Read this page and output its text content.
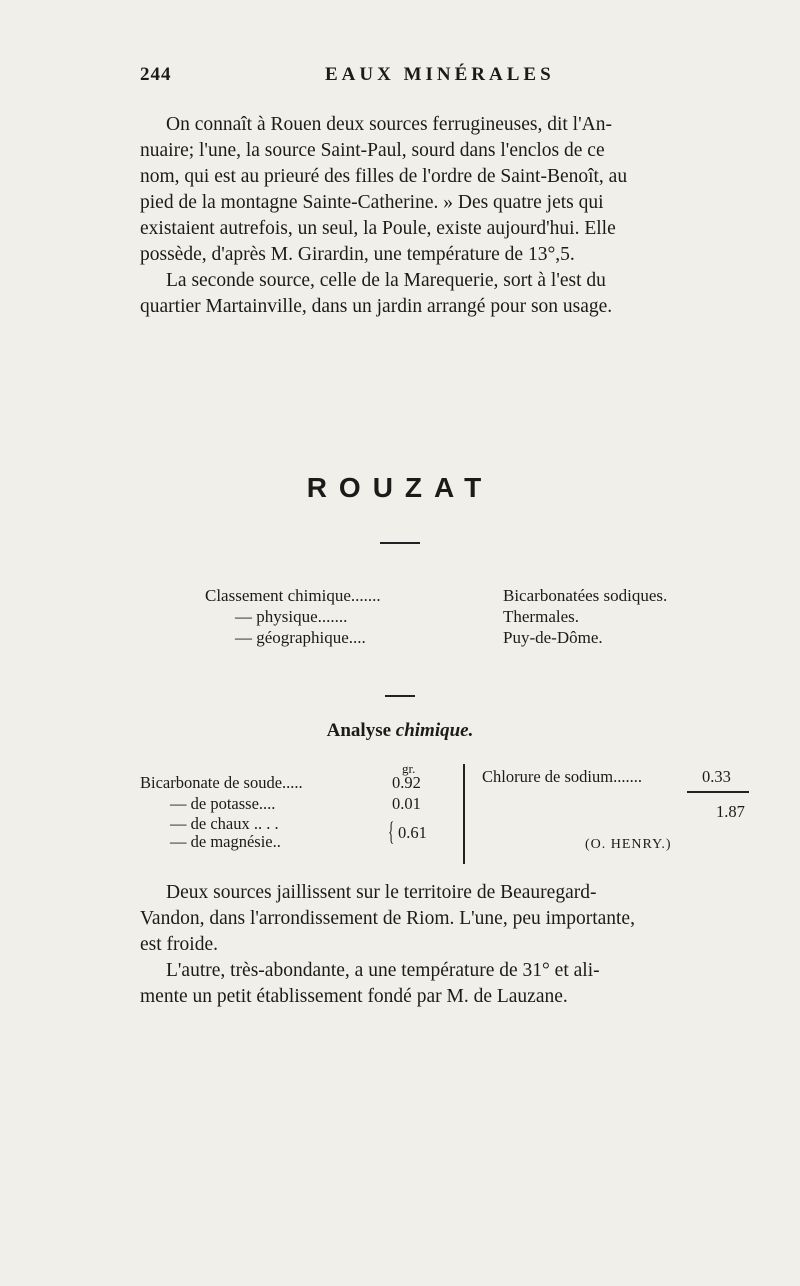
244	EAUX MINÉRALES

On connaît à Rouen deux sources ferrugineuses, dit l'An-
nuaire; l'une, la source Saint-Paul, sourd dans l'enclos de ce
nom, qui est au prieuré des filles de l'ordre de Saint-Benoît, au
pied de la montagne Sainte-Catherine. » Des quatre jets qui
existaient autrefois, un seul, la Poule, existe aujourd'hui. Elle
possède, d'après M. Girardin, une température de 13°,5.
La seconde source, celle de la Marequerie, sort à l'est du
quartier Martainville, dans un jardin arrangé pour son usage.

ROUZAT
Classement chimique.......	Bicarbonatées sodiques.
— physique.......	Thermales.
— géographique....	Puy-de-Dôme.
Analyse chimique.
gr.
Bicarbonate de soude.....	0.92
— de potasse....	0.01
— de chaux .. . .
— de magnésie..	{ 0.61
Chlorure de sodium.......	0.33
1.87
(O. HENRY.)

Deux sources jaillissent sur le territoire de Beauregard-
Vandon, dans l'arrondissement de Riom. L'une, peu importante,
est froide.
L'autre, très-abondante, a une température de 31° et ali-
mente un petit établissement fondé par M. de Lauzane.
